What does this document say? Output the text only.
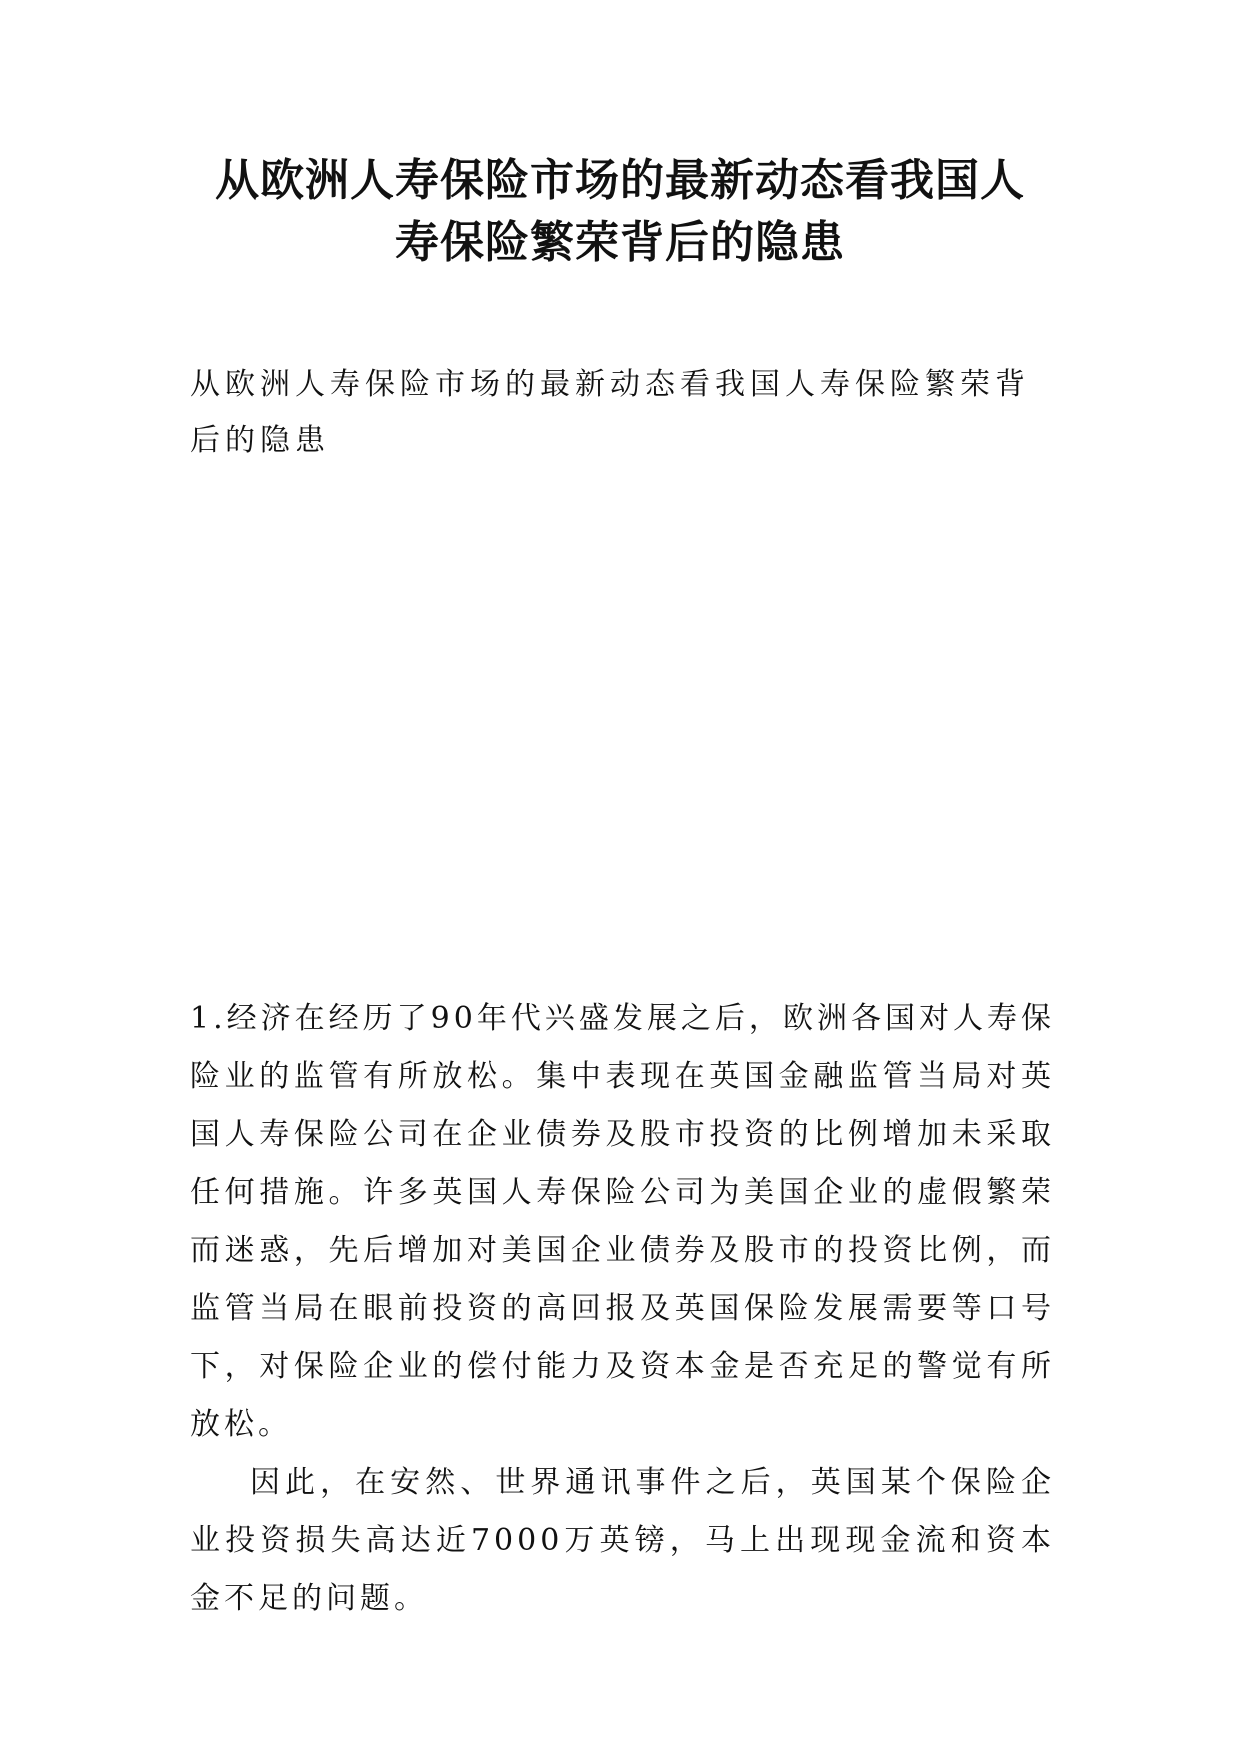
从欧洲人寿保险市场的最新动态看我国人寿保险繁荣背后的隐患

从欧洲人寿保险市场的最新动态看我国人寿保险繁荣背后的隐患

1.经济在经历了90年代兴盛发展之后，欧洲各国对人寿保险业的监管有所放松。集中表现在英国金融监管当局对英国人寿保险公司在企业债券及股市投资的比例增加未采取任何措施。许多英国人寿保险公司为美国企业的虚假繁荣而迷惑，先后增加对美国企业债券及股市的投资比例，而监管当局在眼前投资的高回报及英国保险发展需要等口号下，对保险企业的偿付能力及资本金是否充足的警觉有所放松。

因此，在安然、世界通讯事件之后，英国某个保险企业投资损失高达近7000万英镑，马上出现现金流和资本金不足的问题。
